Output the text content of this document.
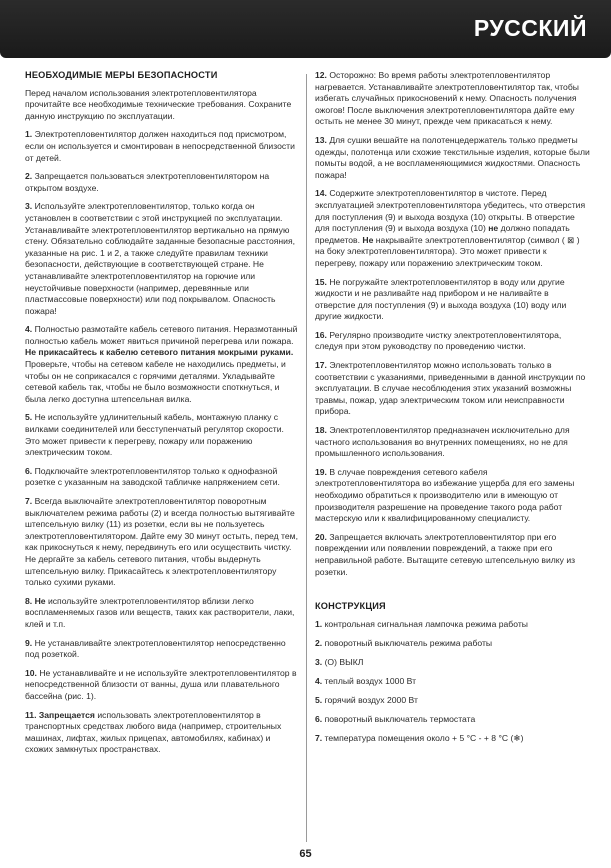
РУССКИЙ
НЕОБХОДИМЫЕ МЕРЫ БЕЗОПАСНОСТИ

Перед началом использования электротепловентилятора прочитайте все необходимые технические требования. Сохраните данную инструкцию по эксплуатации.

1. Электротепловентилятор должен находиться под присмотром, если он используется и смонтирован в непосредственной близости от детей.

2. Запрещается пользоваться электротепловентилятором на открытом воздухе.

3. Используйте электротепловентилятор, только когда он установлен в соответствии с этой инструкцией по эксплуатации. Устанавливайте электротепловентилятор вертикально на прямую стену. Обязательно соблюдайте заданные безопасные расстояния, указанные на рис. 1 и 2, а также следуйте правилам техники безопасности, действующие в соответствующей стране. Не устанавливайте электротепловентилятор на горючие или неустойчивые поверхности (например, деревянные или пластмассовые поверхности) или под покрывалом. Опасность пожара!

4. Полностью размотайте кабель сетевого питания. Неразмотанный полностью кабель может явиться причиной перегрева или пожара. Не прикасайтесь к кабелю сетевого питания мокрыми руками. Проверьте, чтобы на сетевом кабеле не находились предметы, и чтобы он не соприкасался с горячими деталями. Укладывайте сетевой кабель так, чтобы не было возможности споткнуться, и была легко доступна штепсельная вилка.

5. Не используйте удлинительный кабель, монтажную планку с вилками соединителей или бесступенчатый регулятор скорости. Это может привести к перегреву, пожару или поражению электрическим током.

6. Подключайте электротепловентилятор только к однофазной розетке с указанным на заводской табличке напряжением сети.

7. Всегда выключайте электротепловентилятор поворотным выключателем режима работы (2) и всегда полностью вытягивайте штепсельную вилку (11) из розетки, если вы не пользуетесь электротепловентилятором. Дайте ему 30 минут остыть, перед тем, как прикоснуться к нему, передвинуть его или осуществить чистку. Не дергайте за кабель сетевого питания, чтобы выдернуть штепсельную вилку. Прикасайтесь к электротепловентилятору только сухими руками.

8. Не используйте электротепловентилятор вблизи легко воспламеняемых газов или веществ, таких как растворители, лаки, клей и т.п.

9. Не устанавливайте электротепловентилятор непосредственно под розеткой.

10. Не устанавливайте и не используйте электротепловентилятор в непосредственной близости от ванны, душа или плавательного бассейна (рис. 1).

11. Запрещается использовать электротепловентилятор в транспортных средствах любого вида (например, строительных машинах, лифтах, жилых прицепах, автомобилях, кабинах) и схожих замкнутых пространствах.

12. Осторожно: Во время работы электротепловентилятор нагревается. Устанавливайте электротепловентилятор так, чтобы избегать случайных прикосновений к нему. Опасность получения ожогов! После выключения электротепловентилятора дайте ему остыть не менее 30 минут, прежде чем прикасаться к нему.

13. Для сушки вешайте на полотенцедержатель только предметы одежды, полотенца или схожие текстильные изделия, которые были помыты водой, а не воспламеняющимися жидкостями. Опасность пожара!

14. Содержите электротепловентилятор в чистоте. Перед эксплуатацией электротепловентилятора убедитесь, что отверстия для поступления (9) и выхода воздуха (10) открыты. В отверстие для поступления (9) и выхода воздуха (10) не должно попадать предметов. Не накрывайте электротепловентилятор (символ ( ⊠ ) на боку электротепловентилятора). Это может привести к перегреву, пожару или поражению электрическим током.

15. Не погружайте электротепловентилятор в воду или другие жидкости и не разливайте над прибором и не наливайте в отверстие для поступления (9) и выхода воздуха (10) воду или другие жидкости.

16. Регулярно производите чистку электротепловентилятора, следуя при этом руководству по проведению чистки.

17. Электротепловентилятор можно использовать только в соответствии с указаниями, приведенными в данной инструкции по эксплуатации. В случае несоблюдения этих указаний возможны травмы, пожар, удар электрическим током или неисправности прибора.

18. Электротепловентилятор предназначен исключительно для частного использования во внутренних помещениях, но не для промышленного использования.

19. В случае повреждения сетевого кабеля электротепловентилятора во избежание ущерба для его замены необходимо обратиться к производителю или в имеющую от производителя разрешение на проведение такого рода работ мастерскую или к квалифицированному специалисту.

20. Запрещается включать электротепловентилятор при его повреждении или появлении повреждений, а также при его неправильной работе. Вытащите сетевую штепсельную вилку из розетки.

КОНСТРУКЦИЯ
1. контрольная сигнальная лампочка режима работы
2. поворотный выключатель режима работы
3. (O) ВЫКЛ
4. теплый воздух 1000 Вт
5. горячий воздух 2000 Вт
6. поворотный выключатель термостата
7. температура помещения около + 5 °C - + 8 °C (❄)
65
